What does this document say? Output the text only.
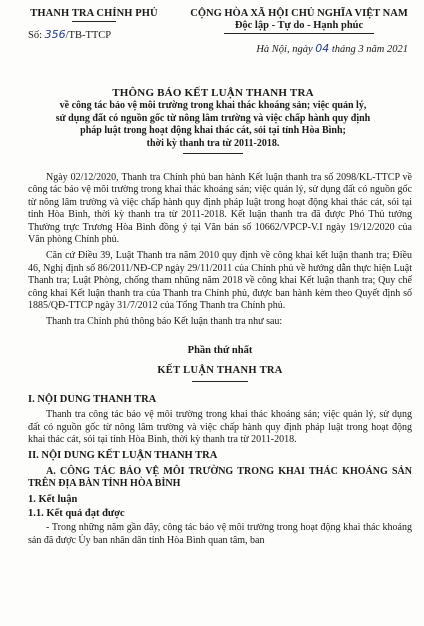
THANH TRA CHÍNH PHỦ
Số: 356/TB-TTCP
CỘNG HÒA XÃ HỘI CHỦ NGHĨA VIỆT NAM
Độc lập - Tự do - Hạnh phúc
Hà Nội, ngày 04 tháng 3 năm 2021
THÔNG BÁO KẾT LUẬN THANH TRA
về công tác bảo vệ môi trường trong khai thác khoáng sản; việc quản lý,
sử dụng đất có nguồn gốc từ nông lâm trường và việc chấp hành quy định
pháp luật trong hoạt động khai thác cát, sỏi tại tỉnh Hòa Bình;
thời kỳ thanh tra từ 2011-2018.

Ngày 02/12/2020, Thanh tra Chính phủ ban hành Kết luận thanh tra số 2098/KL-TTCP về công tác bảo vệ môi trường trong khai thác khoáng sản; việc quản lý, sử dụng đất có nguồn gốc từ nông lâm trường và việc chấp hành quy định pháp luật trong hoạt động khai thác cát, sỏi tại tỉnh Hòa Bình, thời kỳ thanh tra từ 2011-2018. Kết luận thanh tra đã được Phó Thủ tướng Thường trực Trương Hòa Bình đồng ý tại Văn bản số 10662/VPCP-V.I ngày 19/12/2020 của Văn phòng Chính phủ.

Căn cứ Điều 39, Luật Thanh tra năm 2010 quy định về công khai kết luận thanh tra; Điều 46, Nghị định số 86/2011/NĐ-CP ngày 29/11/2011 của Chính phủ về hướng dẫn thực hiện Luật Thanh tra; Luật Phòng, chống tham nhũng năm 2018 về công khai Kết luận thanh tra; Quy chế công khai Kết luận thanh tra của Thanh tra Chính phủ, được ban hành kèm theo Quyết định số 1885/QĐ-TTCP ngày 31/7/2012 của Tổng Thanh tra Chính phủ.

Thanh tra Chính phủ thông báo Kết luận thanh tra như sau:

Phần thứ nhất
KẾT LUẬN THANH TRA
I. NỘI DUNG THANH TRA

Thanh tra công tác bảo vệ môi trường trong khai thác khoáng sản; việc quản lý, sử dụng đất có nguồn gốc từ nông lâm trường và việc chấp hành quy định pháp luật trong hoạt động khai thác cát, sỏi tại tỉnh Hòa Bình, thời kỳ thanh tra từ 2011-2018.

II. NỘI DUNG KẾT LUẬN THANH TRA
A. CÔNG TÁC BẢO VỆ MÔI TRƯỜNG TRONG KHAI THÁC KHOÁNG SẢN TRÊN ĐỊA BÀN TỈNH HÒA BÌNH
1. Kết luận
1.1. Kết quả đạt được

- Trong những năm gần đây, công tác bảo vệ môi trường trong hoạt động khai thác khoáng sản đã được Ủy ban nhân dân tỉnh Hòa Bình quan tâm, ban
